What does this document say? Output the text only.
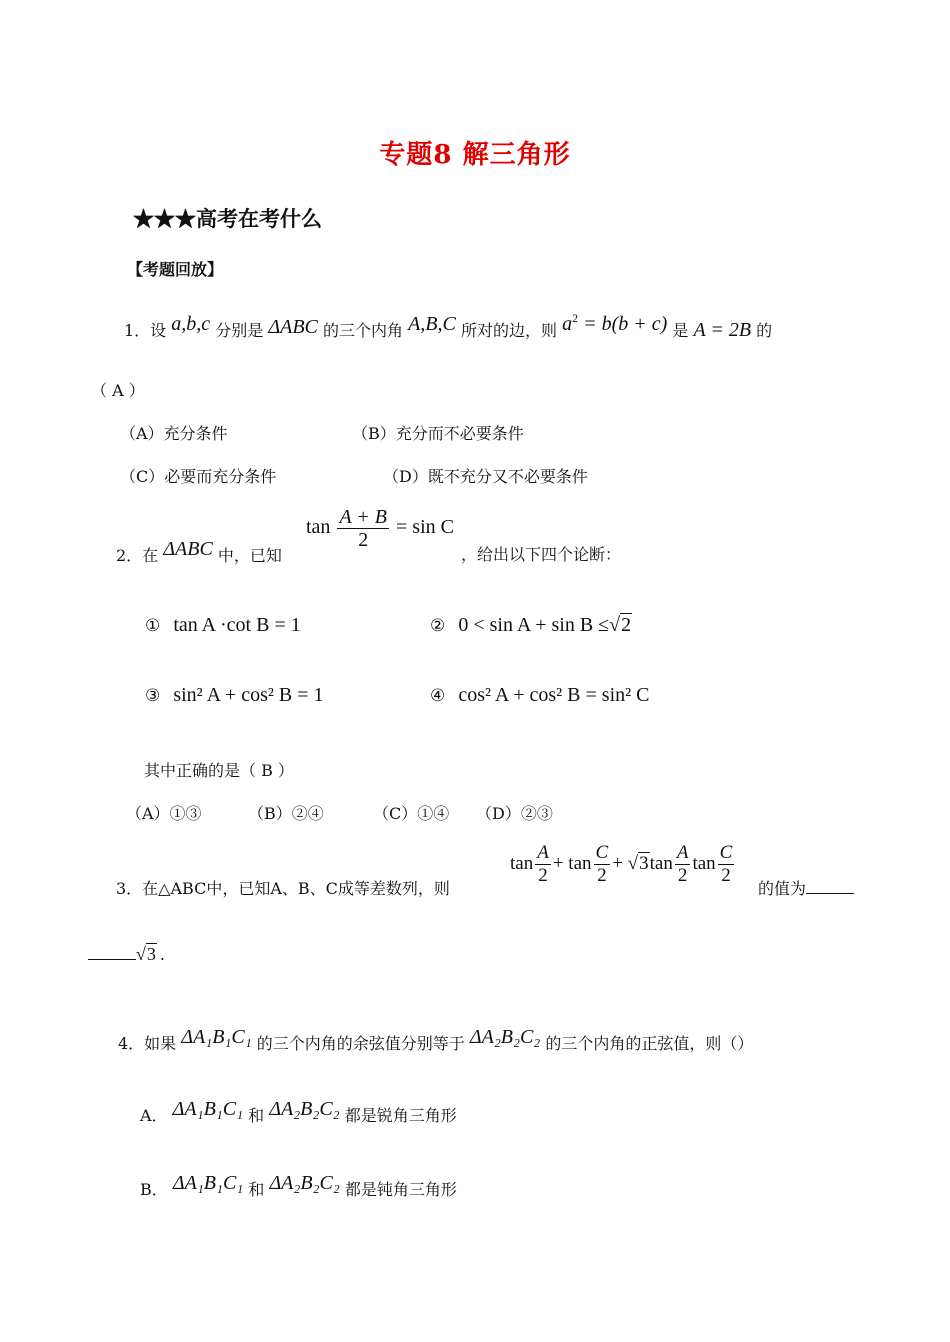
专题8 解三角形
★★★高考在考什么
【考题回放】
1．设 a,b,c 分别是 ΔABC 的三个内角 A,B,C 所对的边，则 $a^2 = b(b + c)$ 是 A = 2B 的
（ A ）
（A）充分条件	（B）充分而不必要条件
（C）必要而充分条件	（D）既不充分又不必要条件
2．在 ΔABC 中，已知
$\tan \frac{A + B}{2} = \sin C$
，给出以下四个论断：
① tan A ·cot B = 1	② 0 < sin A + sin B ≤√2
③ sin² A + cos² B = 1	④ cos² A + cos² B = sin² C
其中正确的是（ B ）
（A）①③	（B）②④	（C）①④ （D）②③
3．在△ABC中，已知A、B、C成等差数列，则
$\tan \frac{A}{2} + \tan \frac{C}{2} + √3\tan \frac{A}{2}$ $\tan \frac{C}{2}$
的值为
√3 .
4．如果 ΔA₁B₁C₁ 的三个内角的余弦值分别等于 ΔA₂B₂C₂ 的三个内角的正弦值，则（）
A． ΔA₁B₁C₁ 和 ΔA₂B₂C₂ 都是锐角三角形
B． ΔA₁B₁C₁ 和 ΔA₂B₂C₂ 都是钝角三角形
